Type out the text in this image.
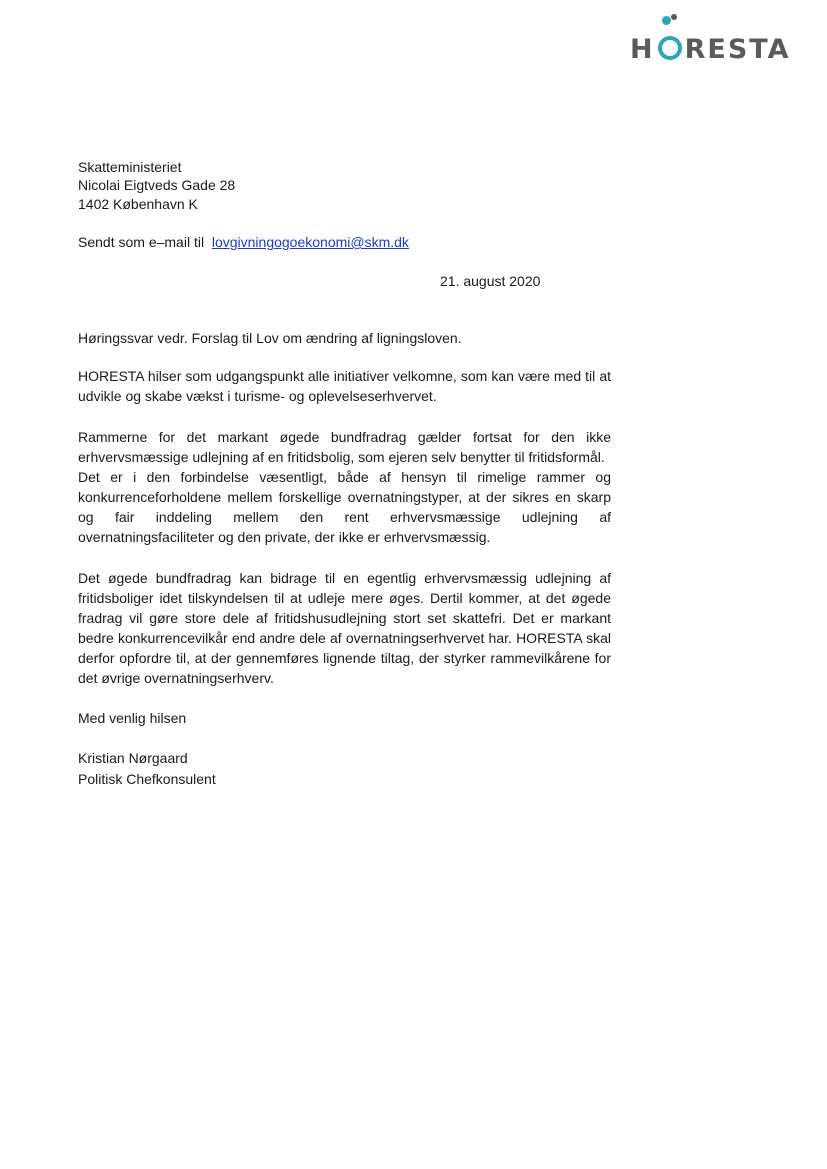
H RESTA
Skatteministeriet
Nicolai Eigtveds Gade 28
1402 København K
Sendt som e–mail til lovgivningogoekonomi@skm.dk
21. august 2020
Høringssvar vedr. Forslag til Lov om ændring af ligningsloven.

HORESTA hilser som udgangspunkt alle initiativer velkomne, som kan være med til at udvikle og skabe vækst i turisme- og oplevelseserhvervet.

Rammerne for det markant øgede bundfradrag gælder fortsat for den ikke erhvervsmæssige udlejning af en fritidsbolig, som ejeren selv benytter til fritidsformål.

Det er i den forbindelse væsentligt, både af hensyn til rimelige rammer og konkurrenceforholdene mellem forskellige overnatningstyper, at der sikres en skarp og fair inddeling mellem den rent erhvervsmæssige udlejning af overnatningsfaciliteter og den private, der ikke er erhvervsmæssig.

Det øgede bundfradrag kan bidrage til en egentlig erhvervsmæssig udlejning af fritidsboliger idet tilskyndelsen til at udleje mere øges. Dertil kommer, at det øgede fradrag vil gøre store dele af fritidshusudlejning stort set skattefri. Det er markant bedre konkurrencevilkår end andre dele af overnatningserhvervet har. HORESTA skal derfor opfordre til, at der gennemføres lignende tiltag, der styrker rammevilkårene for det øvrige overnatningserhverv.

Med venlig hilsen
Kristian Nørgaard
Politisk Chefkonsulent
